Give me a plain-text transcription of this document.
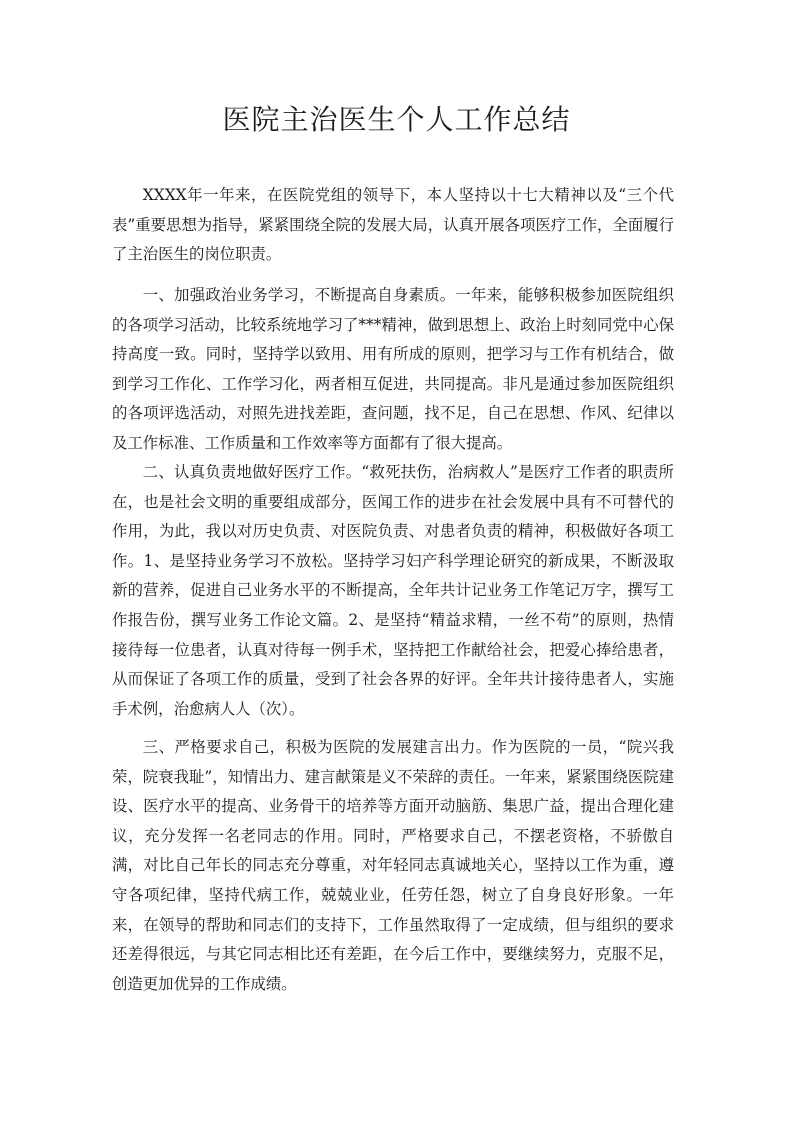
医院主治医生个人工作总结

XXXX年一年来，在医院党组的领导下，本人坚持以十七大精神以及“三个代表”重要思想为指导，紧紧围绕全院的发展大局，认真开展各项医疗工作，全面履行了主治医生的岗位职责。

一、加强政治业务学习，不断提高自身素质。一年来，能够积极参加医院组织的各项学习活动，比较系统地学习了***精神，做到思想上、政治上时刻同党中心保持高度一致。同时，坚持学以致用、用有所成的原则，把学习与工作有机结合，做到学习工作化、工作学习化，两者相互促进，共同提高。非凡是通过参加医院组织的各项评选活动，对照先进找差距，查问题，找不足，自己在思想、作风、纪律以及工作标准、工作质量和工作效率等方面都有了很大提高。

二、认真负责地做好医疗工作。“救死扶伤，治病救人”是医疗工作者的职责所在，也是社会文明的重要组成部分，医闻工作的进步在社会发展中具有不可替代的作用，为此，我以对历史负责、对医院负责、对患者负责的精神，积极做好各项工作。1、是坚持业务学习不放松。坚持学习妇产科学理论研究的新成果，不断汲取新的营养，促进自己业务水平的不断提高，全年共计记业务工作笔记万字，撰写工作报告份，撰写业务工作论文篇。2、是坚持“精益求精，一丝不苟”的原则，热情接待每一位患者，认真对待每一例手术，坚持把工作献给社会，把爱心捧给患者，从而保证了各项工作的质量，受到了社会各界的好评。全年共计接待患者人，实施手术例，治愈病人人（次）。

三、严格要求自己，积极为医院的发展建言出力。作为医院的一员，“院兴我荣，院衰我耻”，知情出力、建言献策是义不荣辞的责任。一年来，紧紧围绕医院建设、医疗水平的提高、业务骨干的培养等方面开动脑筋、集思广益，提出合理化建议，充分发挥一名老同志的作用。同时，严格要求自己，不摆老资格，不骄傲自满，对比自己年长的同志充分尊重，对年轻同志真诚地关心，坚持以工作为重，遵守各项纪律，坚持代病工作，兢兢业业，任劳任怨，树立了自身良好形象。一年来，在领导的帮助和同志们的支持下，工作虽然取得了一定成绩，但与组织的要求还差得很远，与其它同志相比还有差距，在今后工作中，要继续努力，克服不足，创造更加优异的工作成绩。
